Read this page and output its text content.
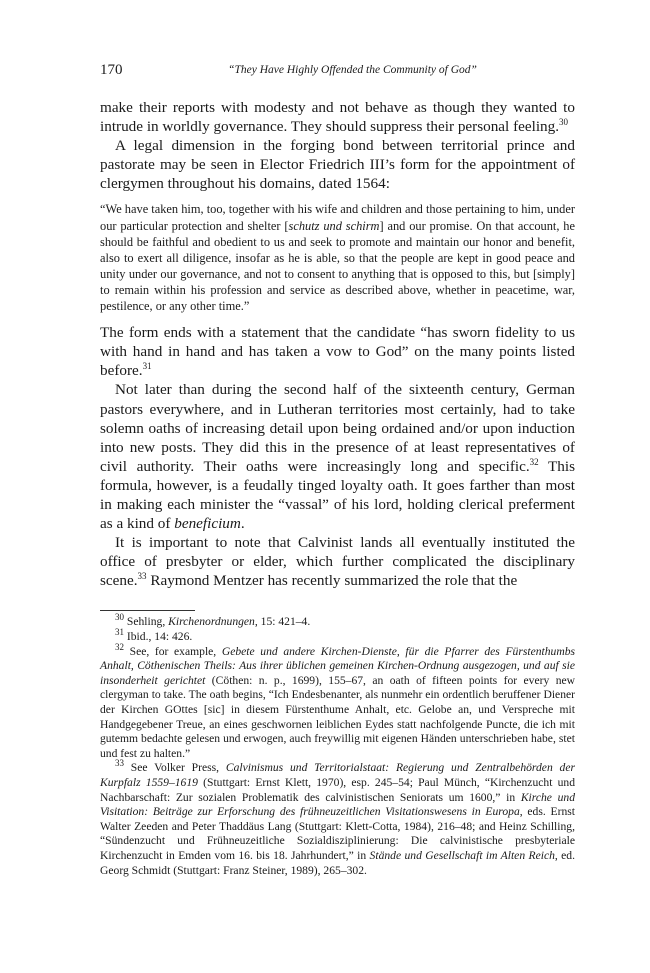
170	“They Have Highly Offended the Community of God”

make their reports with modesty and not behave as though they wanted to intrude in worldly governance. They should suppress their personal feeling.$^{30}$

A legal dimension in the forging bond between territorial prince and pastorate may be seen in Elector Friedrich III’s form for the appointment of clergymen throughout his domains, dated 1564:

“We have taken him, too, together with his wife and children and those pertaining to him, under our particular protection and shelter [schutz und schirm] and our promise. On that account, he should be faithful and obedient to us and seek to promote and maintain our honor and benefit, also to exert all diligence, insofar as he is able, so that the people are kept in good peace and unity under our governance, and not to consent to anything that is opposed to this, but [simply] to remain within his profession and service as described above, whether in peacetime, war, pestilence, or any other time.”

The form ends with a statement that the candidate “has sworn fidelity to us with hand in hand and has taken a vow to God” on the many points listed before.$^{31}$

Not later than during the second half of the sixteenth century, German pastors everywhere, and in Lutheran territories most certainly, had to take solemn oaths of increasing detail upon being ordained and/or upon induction into new posts. They did this in the presence of at least representatives of civil authority. Their oaths were increasingly long and specific.$^{32}$ This formula, however, is a feudally tinged loyalty oath. It goes farther than most in making each minister the “vassal” of his lord, holding clerical preferment as a kind of beneficium.

It is important to note that Calvinist lands all eventually instituted the office of presbyter or elder, which further complicated the disciplinary scene.$^{33}$ Raymond Mentzer has recently summarized the role that the

$^{30}$ Sehling, Kirchenordnungen, 15: 421–4.

$^{31}$ Ibid., 14: 426.

$^{32}$ See, for example, Gebete und andere Kirchen-Dienste, für die Pfarrer des Fürstenthumbs Anhalt, Cöthenischen Theils: Aus ihrer üblichen gemeinen Kirchen-Ordnung ausgezogen, und auf sie insonderheit gerichtet (Cöthen: n. p., 1699), 155–67, an oath of fifteen points for every new clergyman to take. The oath begins, “Ich Endesbenanter, als nunmehr ein ordentlich beruffener Diener der Kirchen GOttes [sic] in diesem Fürstenthume Anhalt, etc. Gelobe an, und Verspreche mit Handgegebener Treue, an eines geschwornen leiblichen Eydes statt nachfolgende Puncte, die ich mit gutemm bedachte gelesen und erwogen, auch freywillig mit eigenen Händen unterschrieben habe, stet und fest zu halten.”

$^{33}$ See Volker Press, Calvinismus und Territorialstaat: Regierung und Zentralbehörden der Kurpfalz 1559–1619 (Stuttgart: Ernst Klett, 1970), esp. 245–54; Paul Münch, “Kirchenzucht und Nachbarschaft: Zur sozialen Problematik des calvinistischen Seniorats um 1600,” in Kirche und Visitation: Beiträge zur Erforschung des frühneuzeitlichen Visitationswesens in Europa, eds. Ernst Walter Zeeden and Peter Thaddäus Lang (Stuttgart: Klett-Cotta, 1984), 216–48; and Heinz Schilling, “Sündenzucht und Frühneuzeitliche Sozialdisziplinierung: Die calvinistische presbyteriale Kirchenzucht in Emden vom 16. bis 18. Jahrhundert,” in Stände und Gesellschaft im Alten Reich, ed. Georg Schmidt (Stuttgart: Franz Steiner, 1989), 265–302.
